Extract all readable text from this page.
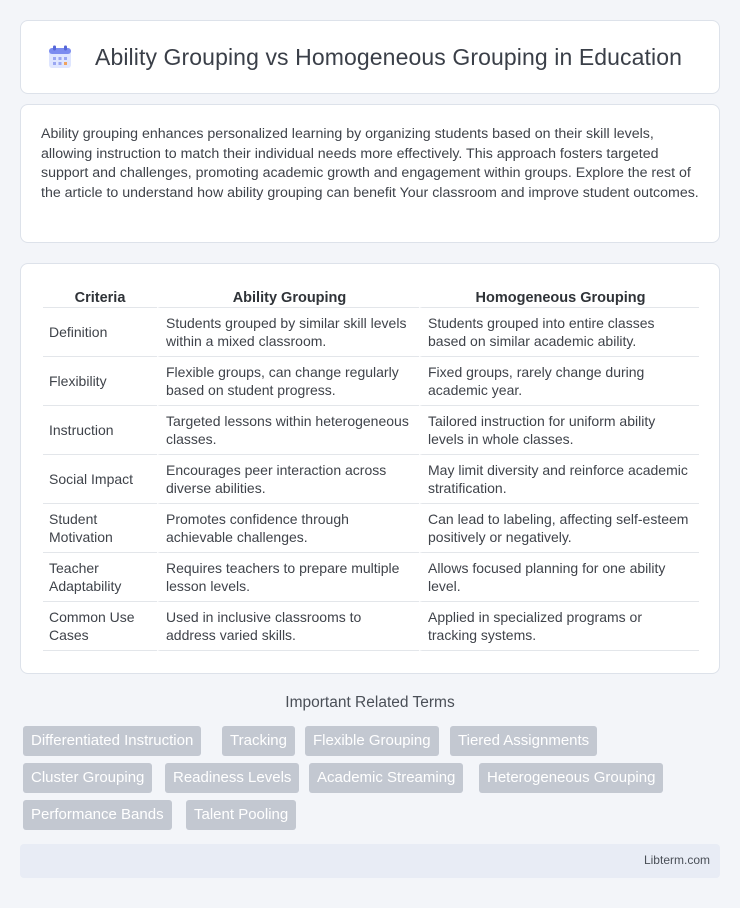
Ability Grouping vs Homogeneous Grouping in Education

Ability grouping enhances personalized learning by organizing students based on their skill levels, allowing instruction to match their individual needs more effectively. This approach fosters targeted support and challenges, promoting academic growth and engagement within groups. Explore the rest of the article to understand how ability grouping can benefit Your classroom and improve student outcomes.

Criteria	Ability Grouping	Homogeneous Grouping
Definition	Students grouped by similar skill levels within a mixed classroom.	Students grouped into entire classes based on similar academic ability.
Flexibility	Flexible groups, can change regularly based on student progress.	Fixed groups, rarely change during academic year.
Instruction	Targeted lessons within heterogeneous classes.	Tailored instruction for uniform ability levels in whole classes.
Social Impact	Encourages peer interaction across diverse abilities.	May limit diversity and reinforce academic stratification.
Student Motivation	Promotes confidence through achievable challenges.	Can lead to labeling, affecting self-esteem positively or negatively.
Teacher Adaptability	Requires teachers to prepare multiple lesson levels.	Allows focused planning for one ability level.
Common Use Cases	Used in inclusive classrooms to address varied skills.	Applied in specialized programs or tracking systems.
Important Related Terms
Differentiated Instruction	Tracking	Flexible Grouping	Tiered Assignments
Cluster Grouping	Readiness Levels	Academic Streaming	Heterogeneous Grouping
Performance Bands	Talent Pooling
Libterm.com
